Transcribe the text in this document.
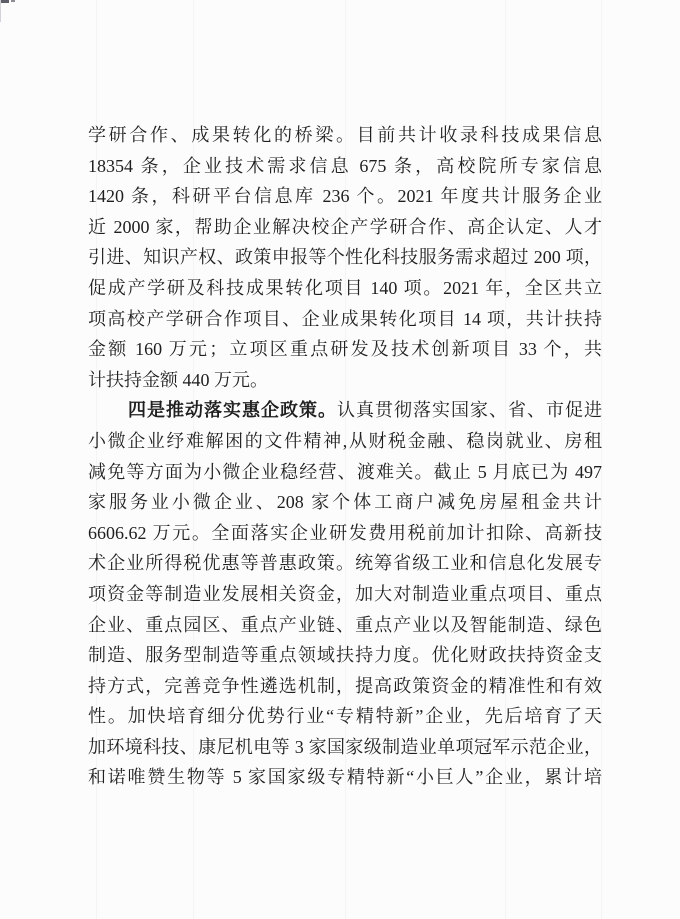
学研合作、成果转化的桥梁。目前共计收录科技成果信息
18354 条，企业技术需求信息 675 条，高校院所专家信息
1420 条，科研平台信息库 236 个。2021 年度共计服务企业
近 2000 家，帮助企业解决校企产学研合作、高企认定、人才
引进、知识产权、政策申报等个性化科技服务需求超过 200 项，
促成产学研及科技成果转化项目 140 项。2021 年，全区共立
项高校产学研合作项目、企业成果转化项目 14 项，共计扶持
金额 160 万元；立项区重点研发及技术创新项目 33 个，共
计扶持金额 440 万元。
四是推动落实惠企政策。认真贯彻落实国家、省、市促进
小微企业纾难解困的文件精神,从财税金融、稳岗就业、房租
减免等方面为小微企业稳经营、渡难关。截止 5 月底已为 497
家服务业小微企业、208 家个体工商户减免房屋租金共计
6606.62 万元。全面落实企业研发费用税前加计扣除、高新技
术企业所得税优惠等普惠政策。统筹省级工业和信息化发展专
项资金等制造业发展相关资金，加大对制造业重点项目、重点
企业、重点园区、重点产业链、重点产业以及智能制造、绿色
制造、服务型制造等重点领域扶持力度。优化财政扶持资金支
持方式，完善竞争性遴选机制，提高政策资金的精准性和有效
性。加快培育细分优势行业“专精特新”企业，先后培育了天
加环境科技、康尼机电等 3 家国家级制造业单项冠军示范企业，
和诺唯赞生物等 5 家国家级专精特新“小巨人”企业，累计培
